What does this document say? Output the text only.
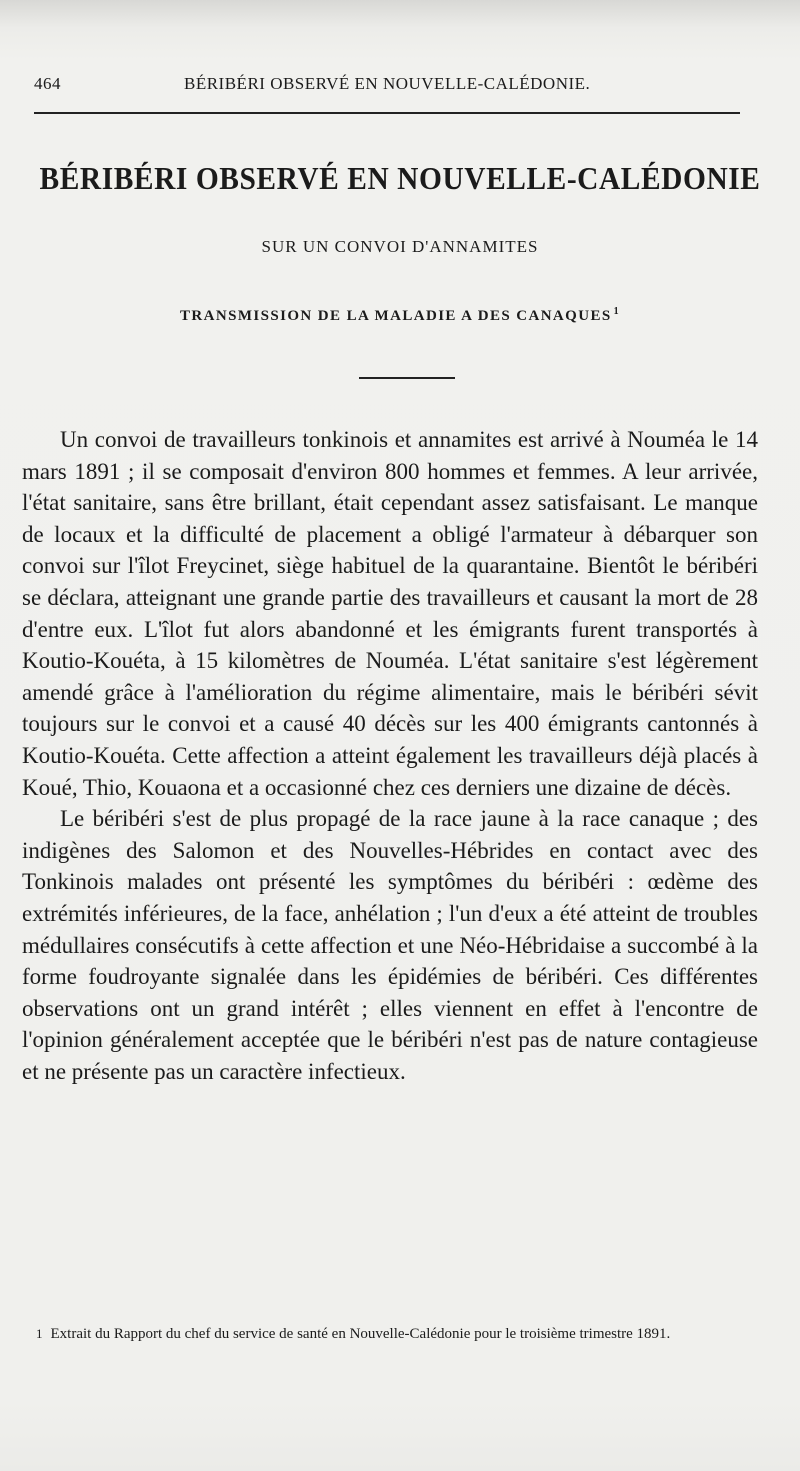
464	BÉRIBÉRI OBSERVÉ EN NOUVELLE-CALÉDONIE.
BÉRIBÉRI OBSERVÉ EN NOUVELLE-CALÉDONIE
SUR UN CONVOI D'ANNAMITES
TRANSMISSION DE LA MALADIE A DES CANAQUES $^1$

Un convoi de travailleurs tonkinois et annamites est arrivé à Nouméa le 14 mars 1891 ; il se composait d'environ 800 hommes et femmes. A leur arrivée, l'état sanitaire, sans être brillant, était cependant assez satisfaisant. Le manque de locaux et la difficulté de placement a obligé l'armateur à débarquer son convoi sur l'îlot Freycinet, siège habituel de la quarantaine. Bientôt le béribéri se déclara, atteignant une grande partie des travailleurs et causant la mort de 28 d'entre eux. L'îlot fut alors abandonné et les émigrants furent transportés à Koutio-Kouéta, à 15 kilomètres de Nouméa. L'état sanitaire s'est légèrement amendé grâce à l'amélioration du régime alimentaire, mais le béribéri sévit toujours sur le convoi et a causé 40 décès sur les 400 émigrants cantonnés à Koutio-Kouéta. Cette affection a atteint également les travailleurs déjà placés à Koué, Thio, Kouaona et a occasionné chez ces derniers une dizaine de décès.

Le béribéri s'est de plus propagé de la race jaune à la race canaque ; des indigènes des Salomon et des Nouvelles-Hébrides en contact avec des Tonkinois malades ont présenté les symptômes du béribéri : œdème des extrémités inférieures, de la face, anhélation ; l'un d'eux a été atteint de troubles médullaires consécutifs à cette affection et une Néo-Hébridaise a succombé à la forme foudroyante signalée dans les épidémies de béribéri. Ces différentes observations ont un grand intérêt ; elles viennent en effet à l'encontre de l'opinion généralement acceptée que le béribéri n'est pas de nature contagieuse et ne présente pas un caractère infectieux.

1 Extrait du Rapport du chef du service de santé en Nouvelle-Calédonie pour le troisième trimestre 1891.
